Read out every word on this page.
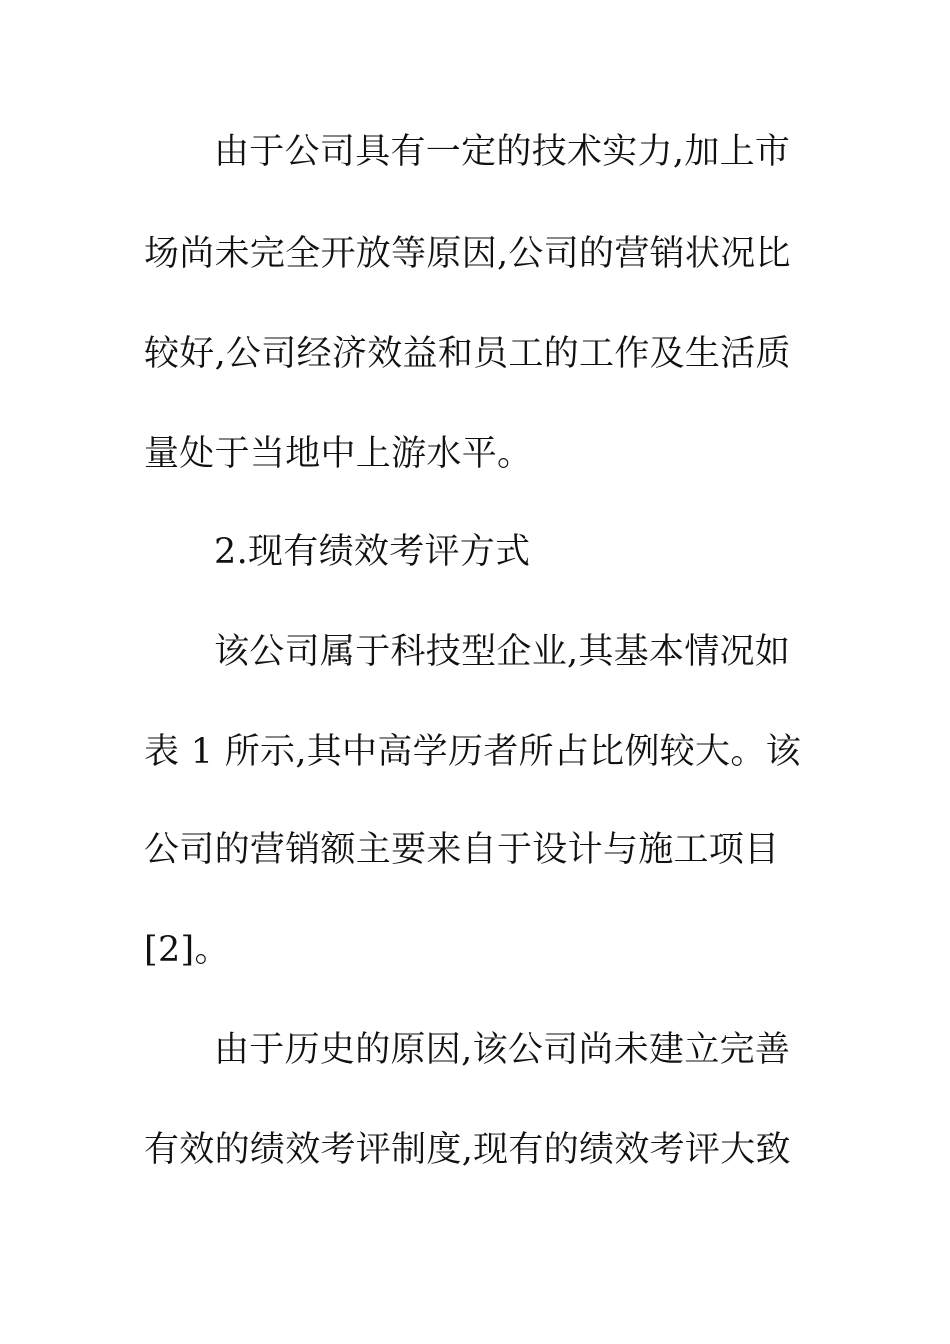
由于公司具有一定的技术实力,加上市
场尚未完全开放等原因,公司的营销状况比
较好,公司经济效益和员工的工作及生活质
量处于当地中上游水平。
2.现有绩效考评方式
该公司属于科技型企业,其基本情况如
表 1 所示,其中高学历者所占比例较大。该
公司的营销额主要来自于设计与施工项目
[2]。
由于历史的原因,该公司尚未建立完善
有效的绩效考评制度,现有的绩效考评大致
